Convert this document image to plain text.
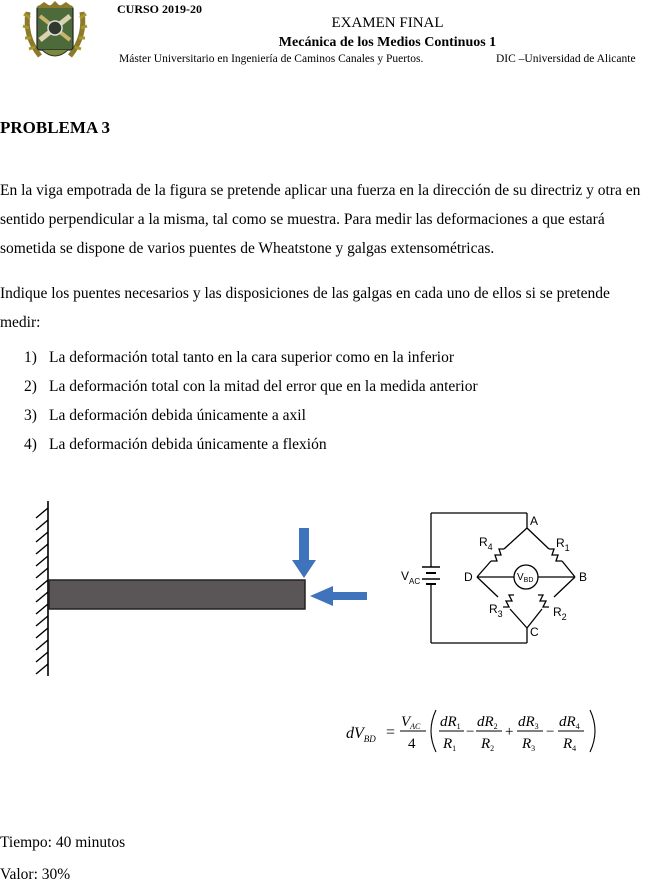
CURSO 2019-20
EXAMEN FINAL
Mecánica de los Medios Continuos 1
Máster Universitario en Ingeniería de Caminos Canales y Puertos.	DIC –Universidad de Alicante
PROBLEMA 3
En la viga empotrada de la figura se pretende aplicar una fuerza en la dirección de su directriz y otra en sentido perpendicular a la misma, tal como se muestra. Para medir las deformaciones a que estará sometida se dispone de varios puentes de Wheatstone y galgas extensométricas.
Indique los puentes necesarios y las disposiciones de las galgas en cada uno de ellos si se pretende medir:
1) La deformación total tanto en la cara superior como en la inferior
2) La deformación total con la mitad del error que en la medida anterior
3) La deformación debida únicamente a axil
4) La deformación debida únicamente a flexión
A
B
C
D
$R_4$	$R_1$
$R_3$	$R_2$
$V_{AC}$	$V_{BD}$
$dV_{BD}$ =
$V_{AC}$
4
$dR_1$
$R_1$
−
$dR_2$
$R_2$
+
$dR_3$
$R_3$
−
$dR_4$
$R_4$
Tiempo: 40 minutos
Valor: 30%
